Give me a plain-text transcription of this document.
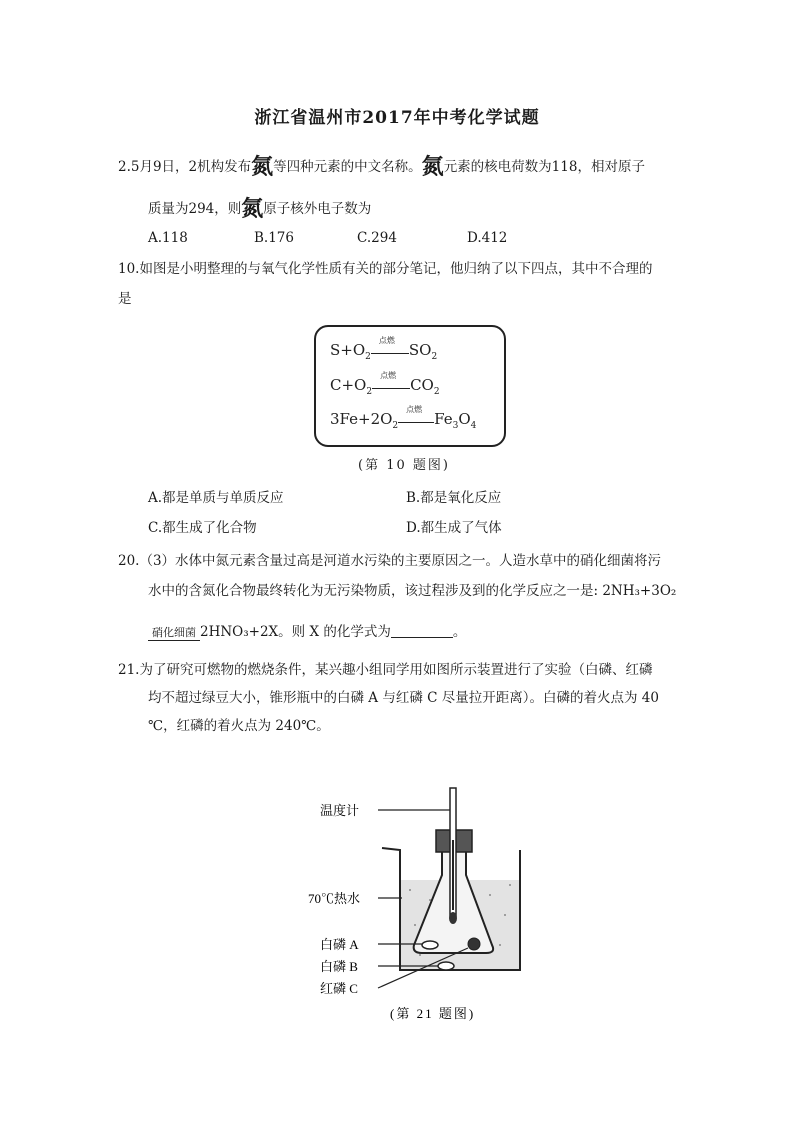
浙江省温州市2017年中考化学试题
2.5月9日，2机构发布氮等四种元素的中文名称。氮元素的核电荷数为118，相对原子
质量为294，则氮原子核外电子数为
A.118	B.176	C.294	D.412
10.如图是小明整理的与氧气化学性质有关的部分笔记，他归纳了以下四点，其中不合理的
是
$S+O_2$
点燃
$SO_2$
$C+O_2$
点燃
$CO_2$
$3Fe+2O_2$
点燃
$Fe_3O_4$
(第 10 题图)
A.都是单质与单质反应	B.都是氧化反应
C.都生成了化合物	D.都生成了气体
20.（3）水体中氮元素含量过高是河道水污染的主要原因之一。人造水草中的硝化细菌将污
水中的含氮化合物最终转化为无污染物质，该过程涉及到的化学反应之一是: 2NH₃+3O₂
硝化细菌 2HNO₃+2X。则 X 的化学式为	。
21.为了研究可燃物的燃烧条件，某兴趣小组同学用如图所示装置进行了实验（白磷、红磷
均不超过绿豆大小，锥形瓶中的白磷 A 与红磷 C 尽量拉开距离）。白磷的着火点为 40
℃，红磷的着火点为 240℃。
温度计
70℃热水
白磷 A
白磷 B
红磷 C
(第 21 题图)
